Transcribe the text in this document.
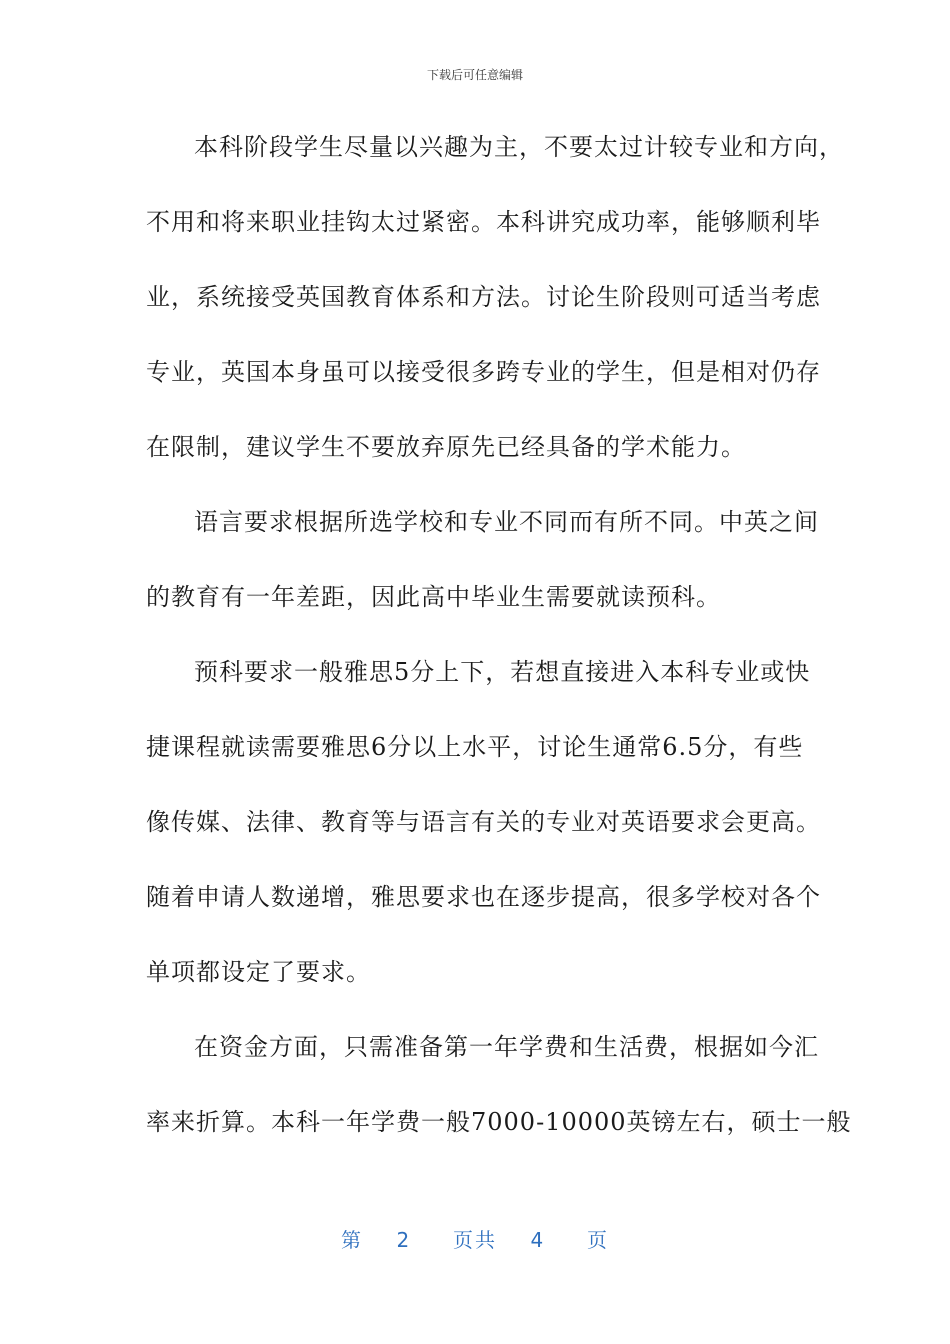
下载后可任意编辑
本科阶段学生尽量以兴趣为主，不要太过计较专业和方向，
不用和将来职业挂钩太过紧密。本科讲究成功率，能够顺利毕
业，系统接受英国教育体系和方法。讨论生阶段则可适当考虑
专业，英国本身虽可以接受很多跨专业的学生，但是相对仍存
在限制，建议学生不要放弃原先已经具备的学术能力。
语言要求根据所选学校和专业不同而有所不同。中英之间
的教育有一年差距，因此高中毕业生需要就读预科。
预科要求一般雅思5分上下，若想直接进入本科专业或快
捷课程就读需要雅思6分以上水平，讨论生通常6.5分，有些
像传媒、法律、教育等与语言有关的专业对英语要求会更高。
随着申请人数递增，雅思要求也在逐步提高，很多学校对各个
单项都设定了要求。
在资金方面，只需准备第一年学费和生活费，根据如今汇
率来折算。本科一年学费一般7000-10000英镑左右，硕士一般
第 2 页共 4 页
